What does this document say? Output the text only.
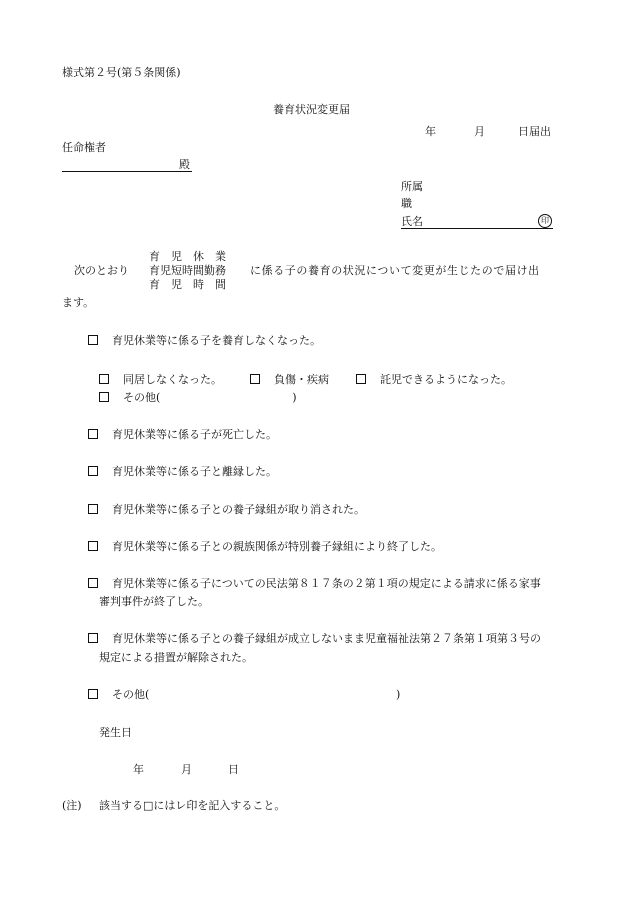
様式第２号(第５条関係)
養育状況変更届
年	月	日届出
任命権者
殿
所属
職
氏名	印
次のとおり
育　児　休　業
育児短時間勤務
育　児　時　間
に係る子の養育の状況について変更が生じたので届け出
ます。
育児休業等に係る子を養育しなくなった。
同居しなくなった。	負傷・疾病	託児できるようになった。
その他(　　　　　　　　　　　　)
育児休業等に係る子が死亡した。
育児休業等に係る子と離縁した。
育児休業等に係る子との養子縁組が取り消された。
育児休業等に係る子との親族関係が特別養子縁組により終了した。
育児休業等に係る子についての民法第８１７条の２第１項の規定による請求に係る家事
審判事件が終了した。
育児休業等に係る子との養子縁組が成立しないまま児童福祉法第２７条第１項第３号の
規定による措置が解除された。
その他(	)
発生日
年	月	日
(注) 該当する□にはレ印を記入すること。
